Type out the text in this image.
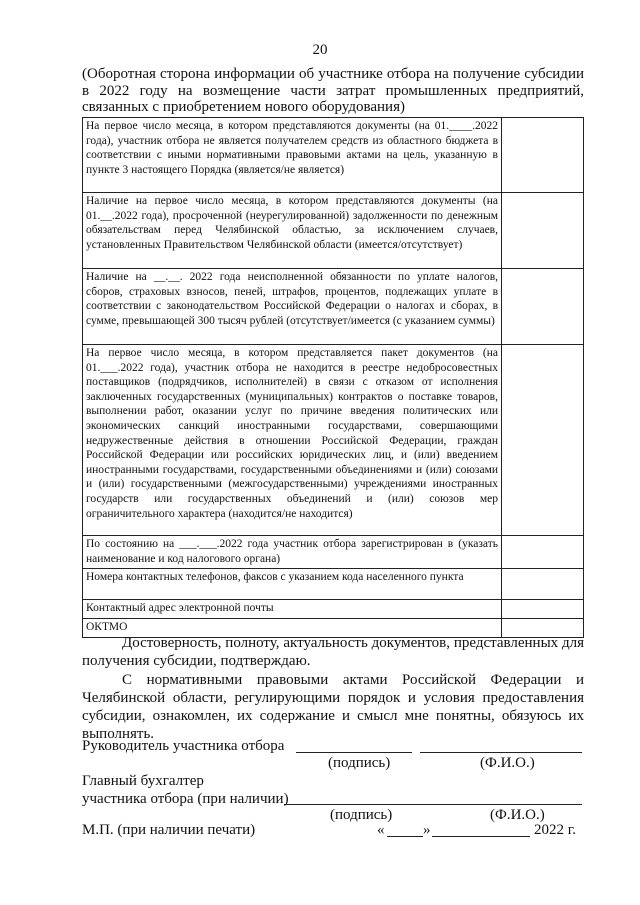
20
(Оборотная сторона информации об участнике отбора на получение субсидии в 2022 году на возмещение части затрат промышленных предприятий, связанных с приобретением нового оборудования)
На первое число месяца, в котором представляются документы (на 01.____.2022 года), участник отбора не является получателем средств из областного бюджета в соответствии с иными нормативными правовыми актами на цель, указанную в пункте 3 настоящего Порядка (является/не является)	
Наличие на первое число месяца, в котором представляются документы (на 01.__.2022 года), просроченной (неурегулированной) задолженности по денежным обязательствам перед Челябинской областью, за исключением случаев, установленных Правительством Челябинской области (имеется/отсутствует)	
Наличие на __.__. 2022 года неисполненной обязанности по уплате налогов, сборов, страховых взносов, пеней, штрафов, процентов, подлежащих уплате в соответствии с законодательством Российской Федерации о налогах и сборах, в сумме, превышающей 300 тысяч рублей (отсутствует/имеется (с указанием суммы)	
На первое число месяца, в котором представляется пакет документов (на 01.___.2022 года), участник отбора не находится в реестре недобросовестных поставщиков (подрядчиков, исполнителей) в связи с отказом от исполнения заключенных государственных (муниципальных) контрактов о поставке товаров, выполнении работ, оказании услуг по причине введения политических или экономических санкций иностранными государствами, совершающими недружественные действия в отношении Российской Федерации, граждан Российской Федерации или российских юридических лиц, и (или) введением иностранными государствами, государственными объединениями и (или) союзами и (или) государственными (межгосударственными) учреждениями иностранных государств или государственных объединений и (или) союзов мер ограничительного характера (находится/не находится)	
По состоянию на ___.___.2022 года участник отбора зарегистрирован в (указать наименование и код налогового органа)	
Номера контактных телефонов, факсов с указанием кода населенного пункта	
Контактный адрес электронной почты	
ОКТМО	
Достоверность, полноту, актуальность документов, представленных для получения субсидии, подтверждаю.
С нормативными правовыми актами Российской Федерации и Челябинской области, регулирующими порядок и условия предоставления субсидии, ознакомлен, их содержание и смысл мне понятны, обязуюсь их выполнять.
Руководитель участника отбора
(подпись)	(Ф.И.О.)
Главный бухгалтер
участника отбора (при наличии)
(подпись)	(Ф.И.О.)
М.П. (при наличии печати)	«	»	2022 г.
